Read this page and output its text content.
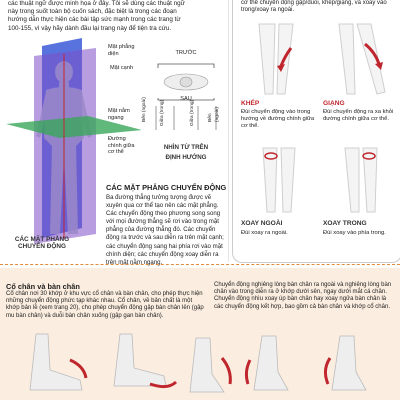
các thuật ngữ được minh họa ở đây. Tôi sẽ dùng các thuật ngữ
này trong suốt toàn bộ cuốn sách, đặc biệt là trong các đoạn
hướng dẫn thực hiện các bài tập sức mạnh trong các trang từ
100-155, vì vậy hãy dành đầu lại trang này để tiện tra cứu.
Mặt phẳng
diện
Mặt cạnh
Mặt nằm
ngang
Đường
chính giữa
cơ thể
CÁC MẶT PHẲNG
CHUYỂN ĐỘNG
TRƯỚC
SAU
Bên (ngoài)	Giữa (trong)	Giữa (trong)	Bên (ngoài)
NHÌN TỪ TRÊN
ĐỊNH HƯỚNG
CÁC MẶT PHẲNG CHUYỂN ĐỘNG
Ba đường thẳng tưởng tượng được vẽ xuyên qua cơ thể tạo nên các mặt phẳng. Các chuyển động theo phương song song với mọi đường thẳng sẽ rơi vào trong mặt phẳng của đường thẳng đó. Các chuyển động ra trước và sau diễn ra trên mặt cạnh; các chuyển động sang hai phía rơi vào mặt chính diện; các chuyển động xoay diễn ra trên mặt nằm ngang.
cơ thể chuyển động gập/duỗi, khép/giạng, và xoay vào trong/xoay ra ngoài.
KHÉP
Đùi chuyển động vào trong hướng về đường chính giữa cơ thể.
GIẠNG
Đùi chuyển động ra xa khỏi đường chính giữa cơ thể.
XOAY NGOÀI
Đùi xoay ra ngoài.
XOAY TRONG
Đùi xoay vào phía trong.
Cổ chân và bàn chân
Cổ chân nơi 30 khớp ở khu vực cổ chân và bàn chân, cho phép thực hiện những chuyển động phức tạp khác nhau. Cổ chân, về bản chất là một khớp bản lề (xem trang 20), cho phép chuyển động gập bàn chân lên (gập mu bàn chân) và duỗi bàn chân xuống (gập gan bàn chân).
Chuyển động nghiêng lòng bàn chân ra ngoài và nghiêng lòng bàn chân vào trong diễn ra ở khớp dưới sên, ngay dưới mắt cá chân. Chuyển động nhìu xoay úp bàn chân hay xoay ngửa bàn chân là các chuyển động kết hợp, bao gồm cả bàn chân và khớp cổ chân.
